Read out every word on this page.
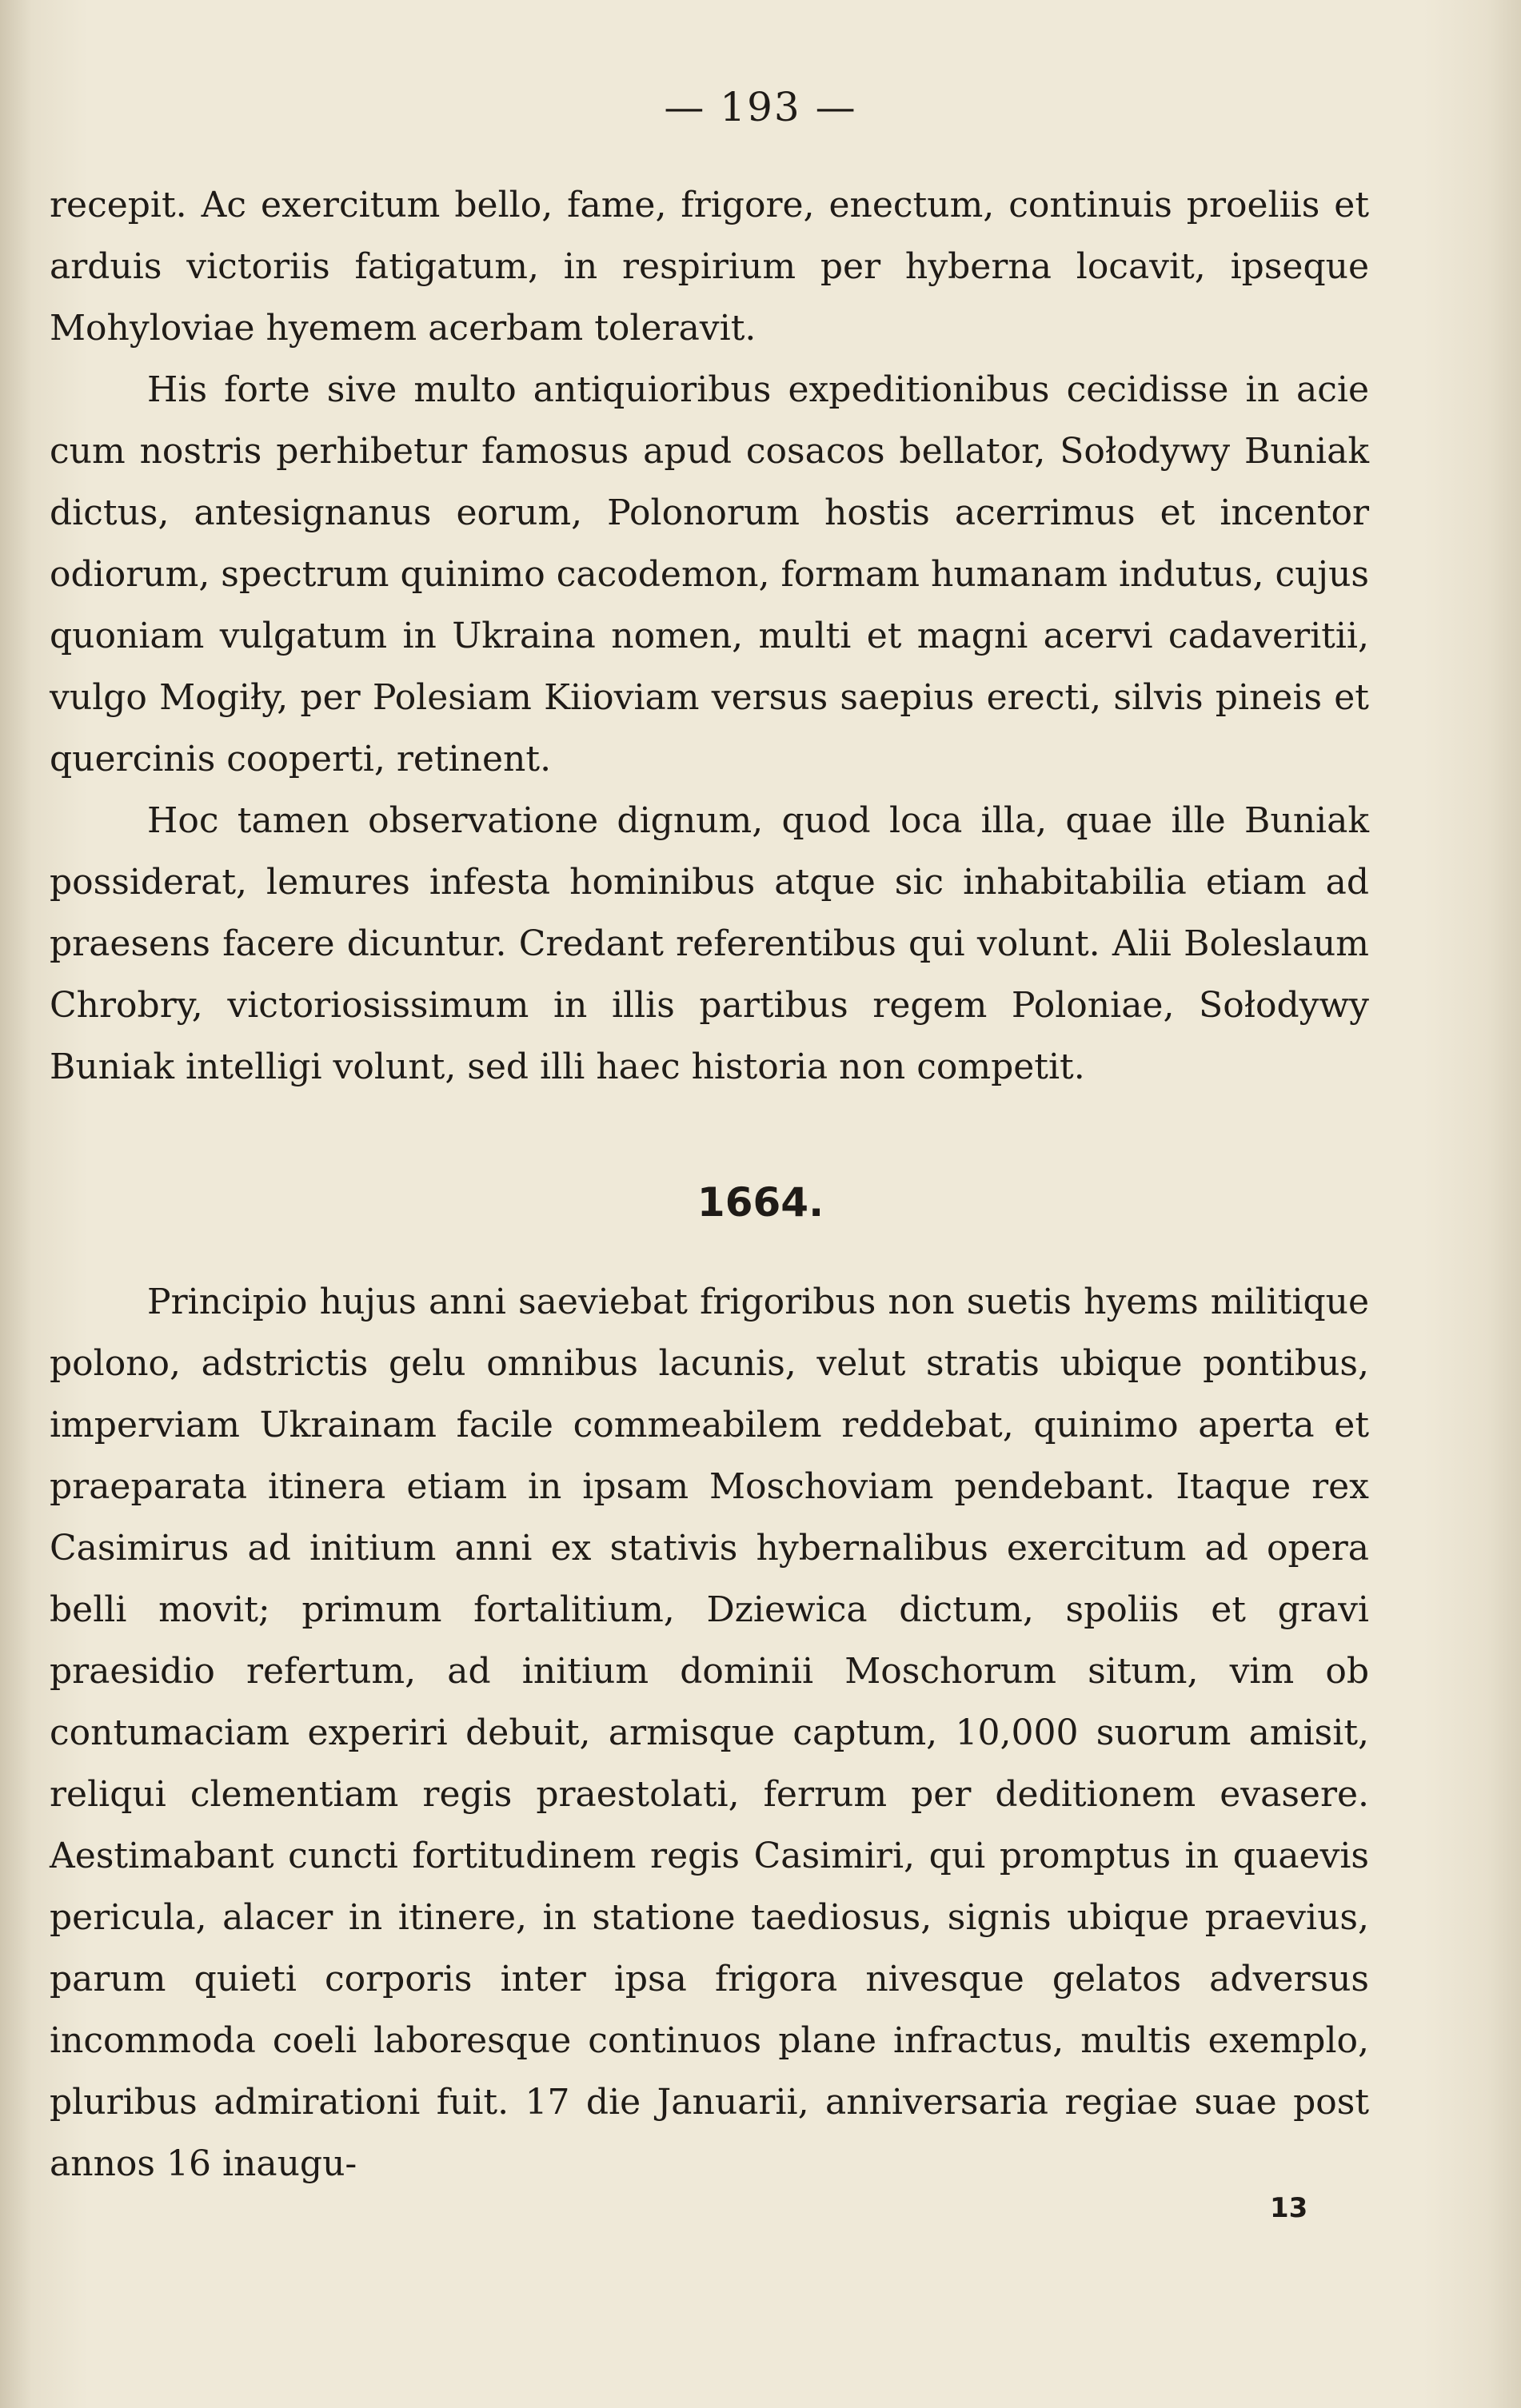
— 193 —

recepit. Ac exercitum bello, fame, frigore, enectum, continuis proeliis et arduis victoriis fatigatum, in respirium per hyberna locavit, ipseque Mohyloviae hyemem acerbam toleravit.

His forte sive multo antiquioribus expeditionibus cecidisse in acie cum nostris perhibetur famosus apud cosacos bellator, Sołodywy Buniak dictus, antesignanus eorum, Polonorum hostis acerrimus et incentor odiorum, spectrum quinimo cacodemon, formam humanam indutus, cujus quoniam vulgatum in Ukraina nomen, multi et magni acervi cadaveritii, vulgo Mogiły, per Polesiam Kiioviam versus saepius erecti, silvis pineis et quercinis cooperti, retinent.

Hoc tamen observatione dignum, quod loca illa, quae ille Buniak possiderat, lemures infesta hominibus atque sic inhabitabilia etiam ad praesens facere dicuntur. Credant referentibus qui volunt. Alii Boleslaum Chrobry, victoriosissimum in illis partibus regem Poloniae, Sołodywy Buniak intelligi volunt, sed illi haec historia non competit.

1664.

Principio hujus anni saeviebat frigoribus non suetis hyems militique polono, adstrictis gelu omnibus lacunis, velut stratis ubique pontibus, imperviam Ukrainam facile commeabilem reddebat, quinimo aperta et praeparata itinera etiam in ipsam Moschoviam pendebant. Itaque rex Casimirus ad initium anni ex stativis hybernalibus exercitum ad opera belli movit; primum fortalitium, Dziewica dictum, spoliis et gravi praesidio refertum, ad initium dominii Moschorum situm, vim ob contumaciam experiri debuit, armisque captum, 10,000 suorum amisit, reliqui clementiam regis praestolati, ferrum per deditionem evasere. Aestimabant cuncti fortitudinem regis Casimiri, qui promptus in quaevis pericula, alacer in itinere, in statione taediosus, signis ubique praevius, parum quieti corporis inter ipsa frigora nivesque gelatos adversus incommoda coeli laboresque continuos plane infractus, multis exemplo, pluribus admirationi fuit. 17 die Januarii, anniversaria regiae suae post annos 16 inaugu-

13
